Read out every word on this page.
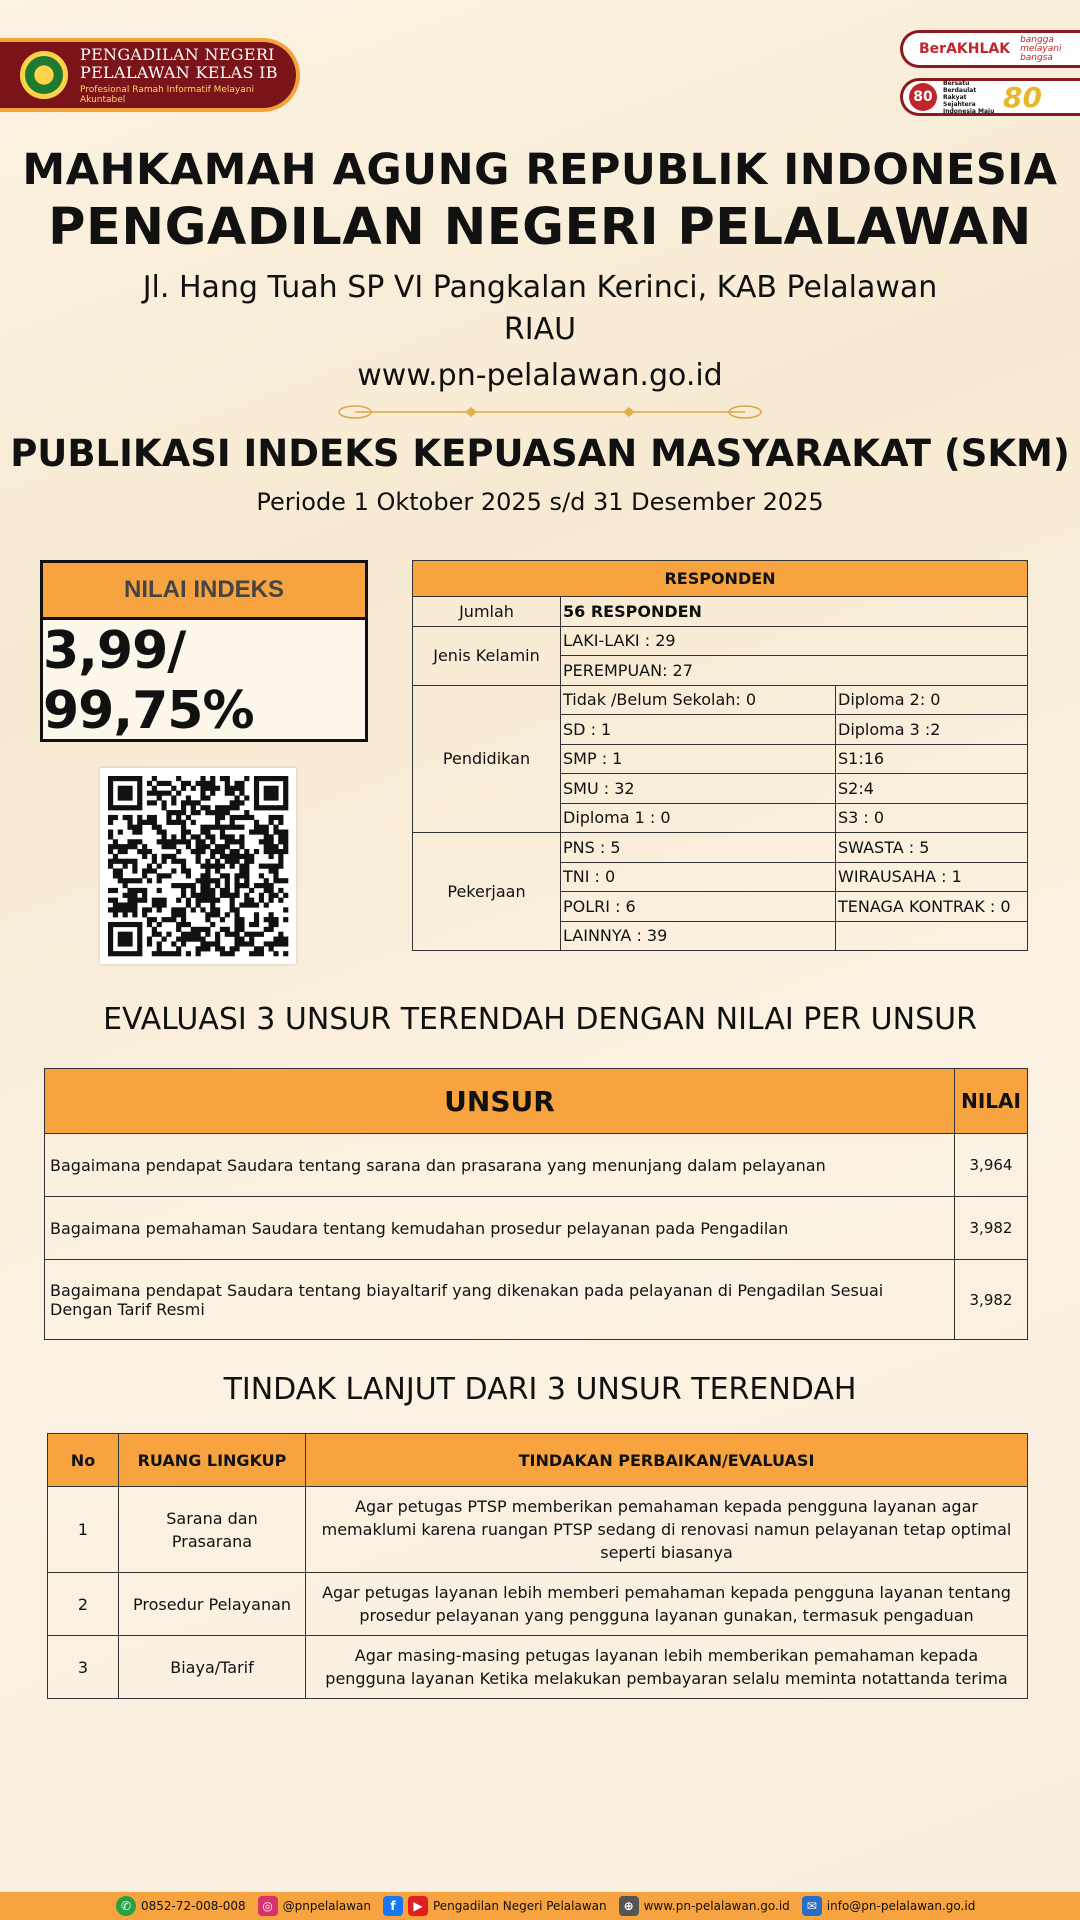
PENGADILAN NEGERI
PELALAWAN KELAS IB
Profesional Ramah Informatif Melayani Akuntabel
BerAKHLAK
bangga melayani bangsa
80
Bersatu Berdaulat Rakyat Sejahtera Indonesia Maju 80
MAHKAMAH AGUNG REPUBLIK INDONESIA
PENGADILAN NEGERI PELALAWAN
Jl. Hang Tuah SP VI Pangkalan Kerinci, KAB Pelalawan
RIAU
www.pn-pelalawan.go.id
PUBLIKASI INDEKS KEPUASAN MASYARAKAT (SKM)
Periode 1 Oktober 2025 s/d 31 Desember 2025
NILAI INDEKS
3,99/ 99,75%
RESPONDEN		
Jumlah	56 RESPONDEN	
Jenis Kelamin	LAKI-LAKI : 29	
	PEREMPUAN: 27	
Pendidikan	Tidak /Belum Sekolah: 0	Diploma 2: 0
	SD : 1	Diploma 3 :2
	SMP : 1	S1:16
	SMU : 32	S2:4
	Diploma 1 : 0	S3 : 0
Pekerjaan	PNS : 5	SWASTA : 5
	TNI : 0	WIRAUSAHA : 1
	POLRI : 6	TENAGA KONTRAK : 0
	LAINNYA : 39	
EVALUASI 3 UNSUR TERENDAH DENGAN NILAI PER UNSUR
UNSUR	NILAI
Bagaimana pendapat Saudara tentang sarana dan prasarana yang menunjang dalam pelayanan	3,964
Bagaimana pemahaman Saudara tentang kemudahan prosedur pelayanan pada Pengadilan	3,982
Bagaimana pendapat Saudara tentang biayaltarif yang dikenakan pada pelayanan di Pengadilan Sesuai Dengan Tarif Resmi	3,982
TINDAK LANJUT DARI 3 UNSUR TERENDAH
No	RUANG LINGKUP	TINDAKAN PERBAIKAN/EVALUASI
1	Sarana dan Prasarana	Agar petugas PTSP memberikan pemahaman kepada pengguna layanan agar memaklumi karena ruangan PTSP sedang di renovasi namun pelayanan tetap optimal seperti biasanya
2	Prosedur Pelayanan	Agar petugas layanan lebih memberi pemahaman kepada pengguna layanan tentang prosedur pelayanan yang pengguna layanan gunakan, termasuk pengaduan
3	Biaya/Tarif	Agar masing-masing petugas layanan lebih memberikan pemahaman kepada pengguna layanan Ketika melakukan pembayaran selalu meminta notattanda terima
✆ 0852-72-008-008	◎ @pnpelalawan	f	▶ Pengadilan Negeri Pelalawan	⊕ www.pn-pelalawan.go.id	✉ info@pn-pelalawan.go.id
